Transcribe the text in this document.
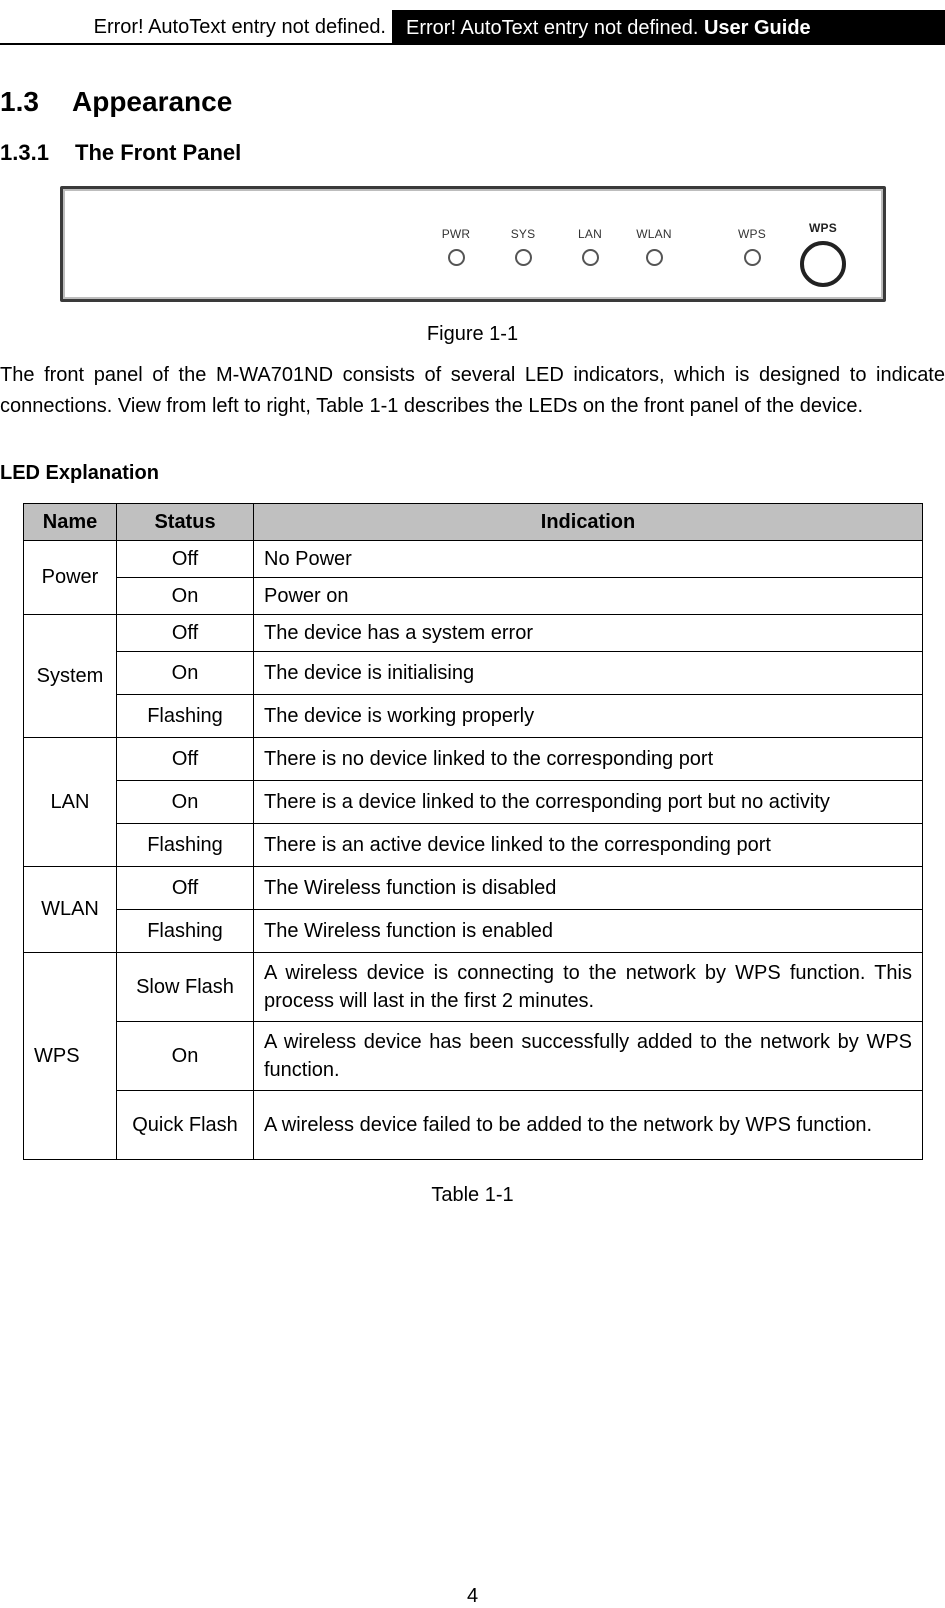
Error! AutoText entry not defined.	Error! AutoText entry not defined. User Guide
1.3 Appearance
1.3.1 The Front Panel
PWR	SYS	LAN	WLAN	WPS	WPS
Figure 1-1

The front panel of the M-WA701ND consists of several LED indicators, which is designed to indicate connections. View from left to right, Table 1-1 describes the LEDs on the front panel of the device.

LED Explanation

Name	Status	Indication
Power	Off	No Power
	On	Power on
System	Off	The device has a system error
	On	The device is initialising
	Flashing	The device is working properly
LAN	Off	There is no device linked to the corresponding port
	On	There is a device linked to the corresponding port but no activity
	Flashing	There is an active device linked to the corresponding port
WLAN	Off	The Wireless function is disabled
	Flashing	The Wireless function is enabled
WPS	Slow Flash	A wireless device is connecting to the network by WPS function. This process will last in the first 2 minutes.
	On	A wireless device has been successfully added to the network by WPS function.
	Quick Flash	A wireless device failed to be added to the network by WPS function.
Table 1-1
4
